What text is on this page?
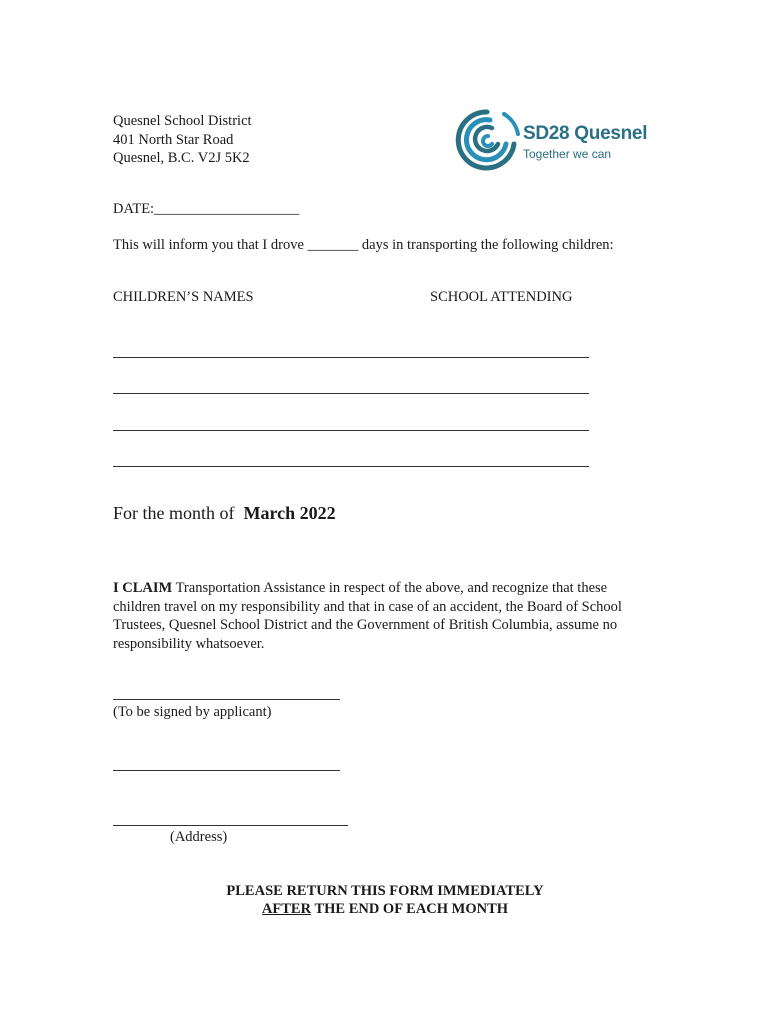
Quesnel School District
401 North Star Road
Quesnel, B.C. V2J 5K2
SD28 Quesnel
Together we can
DATE:____________________
This will inform you that I drove _______ days in transporting the following children:
CHILDREN’S NAMES	SCHOOL ATTENDING
For the month of March 2022
I CLAIM Transportation Assistance in respect of the above, and recognize that these children travel on my responsibility and that in case of an accident, the Board of School Trustees, Quesnel School District and the Government of British Columbia, assume no responsibility whatsoever.
(To be signed by applicant)
(Address)
PLEASE RETURN THIS FORM IMMEDIATELY
AFTER THE END OF EACH MONTH
